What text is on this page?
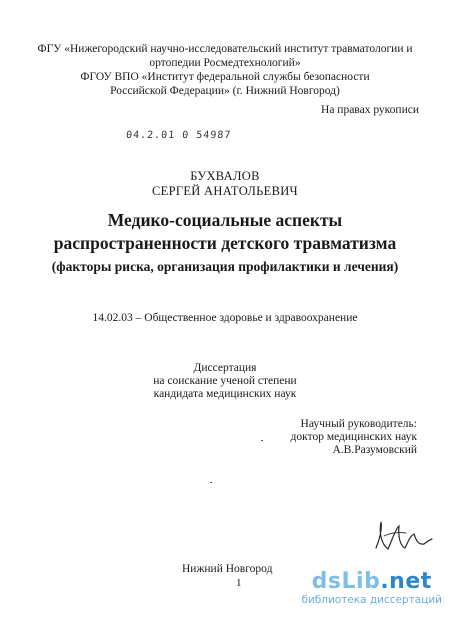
ФГУ «Нижегородский научно-исследовательский институт травматологии и
ортопедии Росмедтехнологий»
ФГОУ ВПО «Институт федеральной службы безопасности
Российской Федерации» (г. Нижний Новгород)
На правах рукописи
04.2.01 0 54987
БУХВАЛОВ
СЕРГЕЙ АНАТОЛЬЕВИЧ
Медико-социальные аспекты
распространенности детского травматизма
(факторы риска, организация профилактики и лечения)
14.02.03 – Общественное здоровье и здравоохранение
Диссертация
на соискание ученой степени
кандидата медицинских наук
Научный руководитель:
доктор медицинских наук
А.В.Разумовский
Нижний Новгород
1	dsLib.net
библиотека диссертаций
